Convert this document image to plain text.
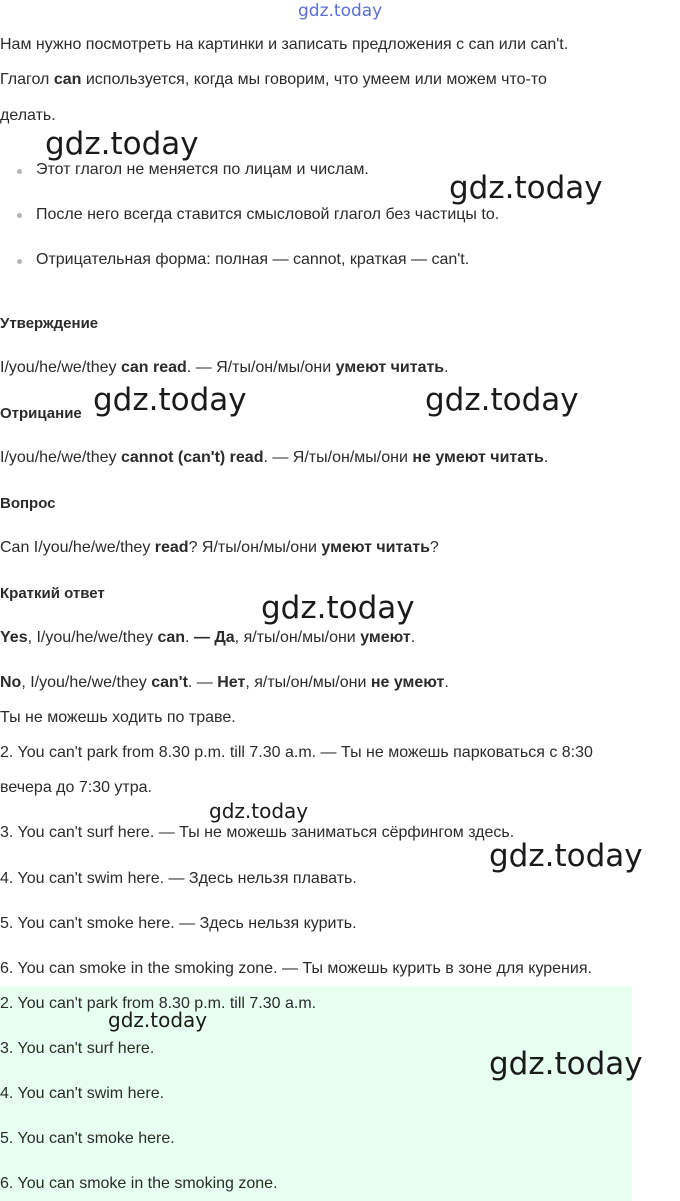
Нам нужно посмотреть на картинки и записать предложения с can или can't.
Глагол can используется, когда мы говорим, что умеем или можем что-то
делать.
Этот глагол не меняется по лицам и числам.
После него всегда ставится смысловой глагол без частицы to.
Отрицательная форма: полная — cannot, краткая — can't.
Утверждение
I/you/he/we/they can read. — Я/ты/он/мы/они умеют читать.
Отрицание
I/you/he/we/they cannot (can't) read. — Я/ты/он/мы/они не умеют читать.
Вопрос
Can I/you/he/we/they read? Я/ты/он/мы/они умеют читать?
Краткий ответ
Yes, I/you/he/we/they can. — Да, я/ты/он/мы/они умеют.
No, I/you/he/we/they can't. — Нет, я/ты/он/мы/они не умеют.
Ты не можешь ходить по траве.
2. You can't park from 8.30 p.m. till 7.30 a.m. — Ты не можешь парковаться с 8:30
вечера до 7:30 утра.
3. You can't surf here. — Ты не можешь заниматься сёрфингом здесь.
4. You can't swim here. — Здесь нельзя плавать.
5. You can't smoke here. — Здесь нельзя курить.
6. You can smoke in the smoking zone. — Ты можешь курить в зоне для курения.
2. You can't park from 8.30 p.m. till 7.30 a.m.
3. You can't surf here.
4. You can't swim here.
5. You can't smoke here.
6. You can smoke in the smoking zone.
gdz.today
gdz.today
gdz.today
gdz.today	gdz.today
gdz.today
gdz.today
gdz.today
gdz.today
gdz.today
